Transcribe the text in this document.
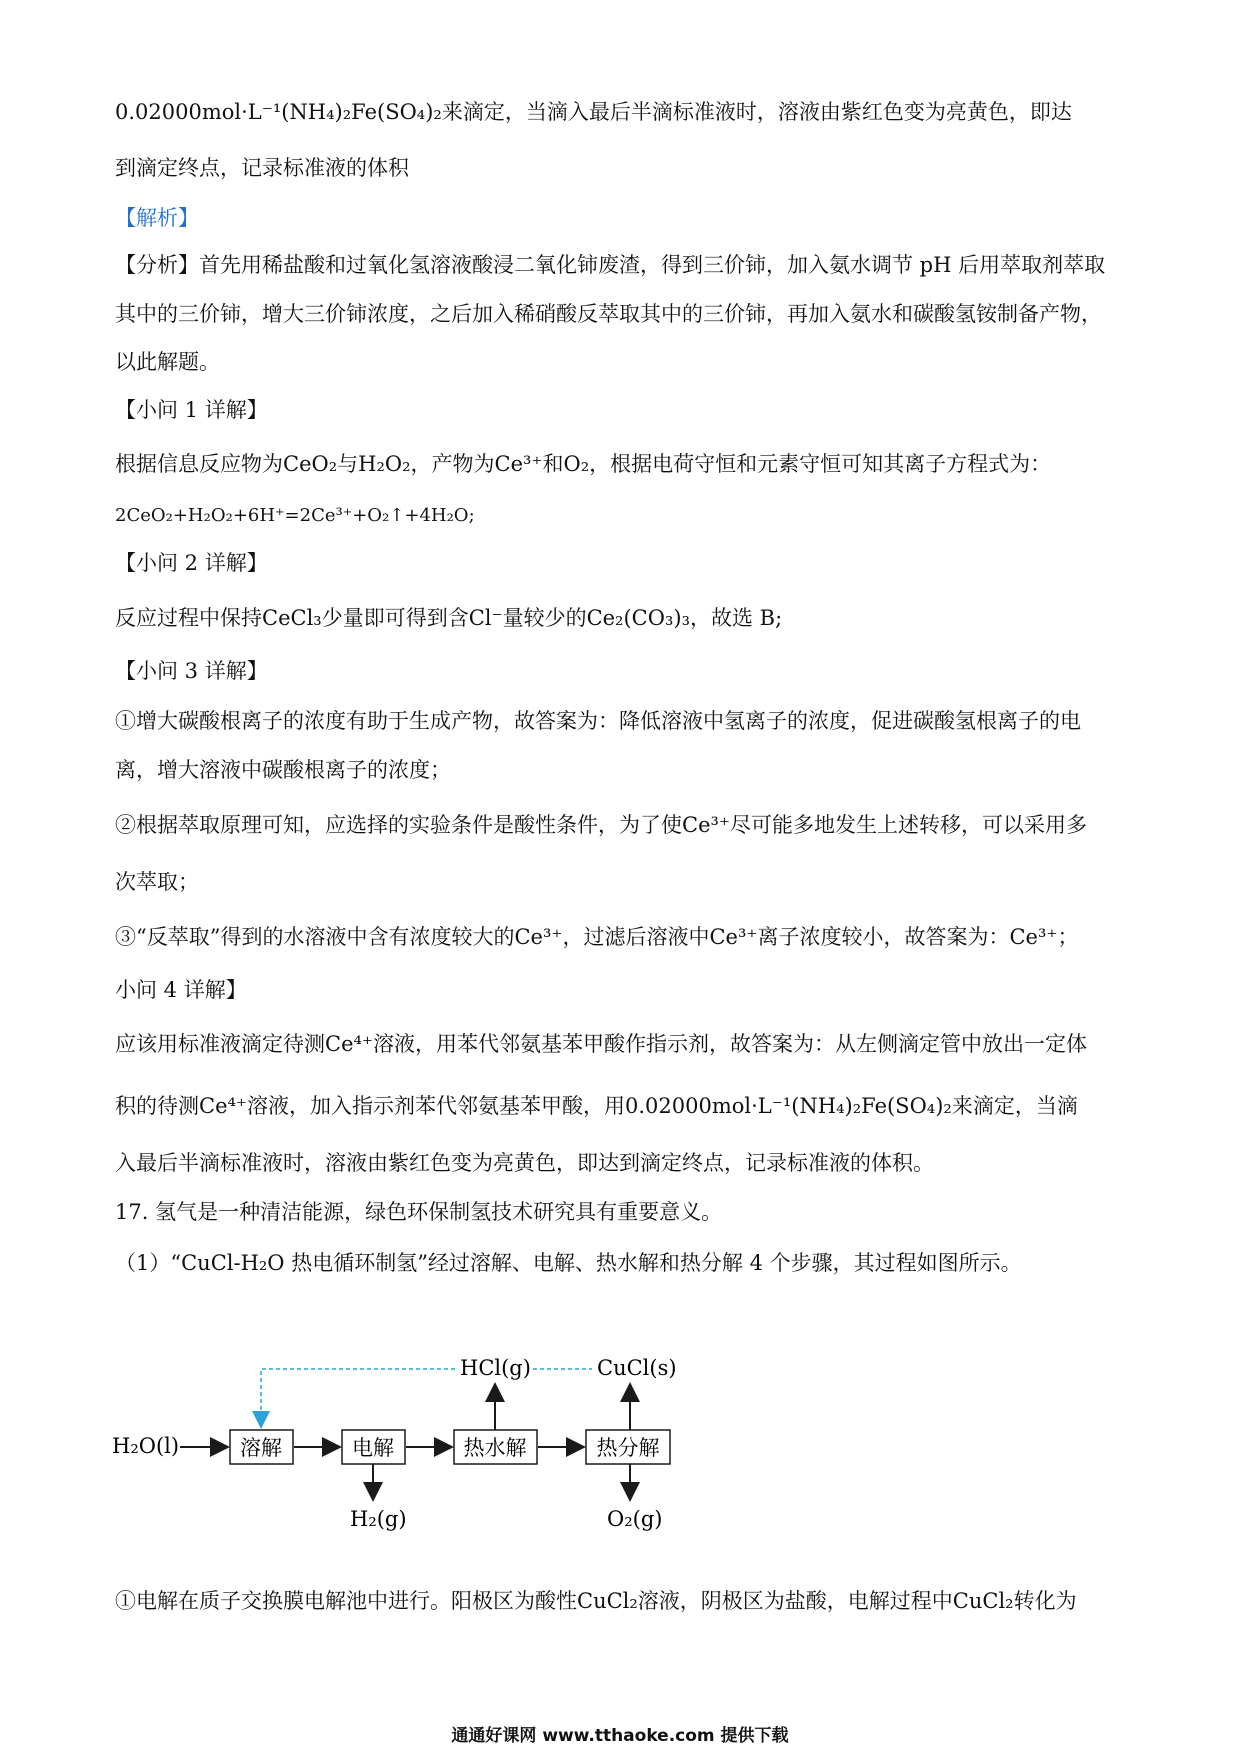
0.02000mol·L⁻¹(NH₄)₂Fe(SO₄)₂来滴定，当滴入最后半滴标准液时，溶液由紫红色变为亮黄色，即达
到滴定终点，记录标准液的体积
【解析】
【分析】首先用稀盐酸和过氧化氢溶液酸浸二氧化铈废渣，得到三价铈，加入氨水调节 pH 后用萃取剂萃取
其中的三价铈，增大三价铈浓度，之后加入稀硝酸反萃取其中的三价铈，再加入氨水和碳酸氢铵制备产物，
以此解题。
【小问 1 详解】
根据信息反应物为CeO₂与H₂O₂，产物为Ce³⁺和O₂，根据电荷守恒和元素守恒可知其离子方程式为：
2CeO₂+H₂O₂+6H⁺=2Ce³⁺+O₂↑+4H₂O;
【小问 2 详解】
反应过程中保持CeCl₃少量即可得到含Cl⁻量较少的Ce₂(CO₃)₃，故选 B;
【小问 3 详解】
①增大碳酸根离子的浓度有助于生成产物，故答案为：降低溶液中氢离子的浓度，促进碳酸氢根离子的电
离，增大溶液中碳酸根离子的浓度；
②根据萃取原理可知，应选择的实验条件是酸性条件，为了使Ce³⁺尽可能多地发生上述转移，可以采用多
次萃取；
③“反萃取”得到的水溶液中含有浓度较大的Ce³⁺，过滤后溶液中Ce³⁺离子浓度较小，故答案为：Ce³⁺；
小问 4 详解】
应该用标准液滴定待测Ce⁴⁺溶液，用苯代邻氨基苯甲酸作指示剂，故答案为：从左侧滴定管中放出一定体
积的待测Ce⁴⁺溶液，加入指示剂苯代邻氨基苯甲酸，用0.02000mol·L⁻¹(NH₄)₂Fe(SO₄)₂来滴定，当滴
入最后半滴标准液时，溶液由紫红色变为亮黄色，即达到滴定终点，记录标准液的体积。
17. 氢气是一种清洁能源，绿色环保制氢技术研究具有重要意义。
（1）“CuCl-H₂O 热电循环制氢”经过溶解、电解、热水解和热分解 4 个步骤，其过程如图所示。
①电解在质子交换膜电解池中进行。阳极区为酸性CuCl₂溶液，阴极区为盐酸，电解过程中CuCl₂转化为
H₂O(l)	溶解	电解	热水解	热分解
HCl(g)	CuCl(s)
H₂(g)	O₂(g)
通通好课网 www.tthaoke.com 提供下载
